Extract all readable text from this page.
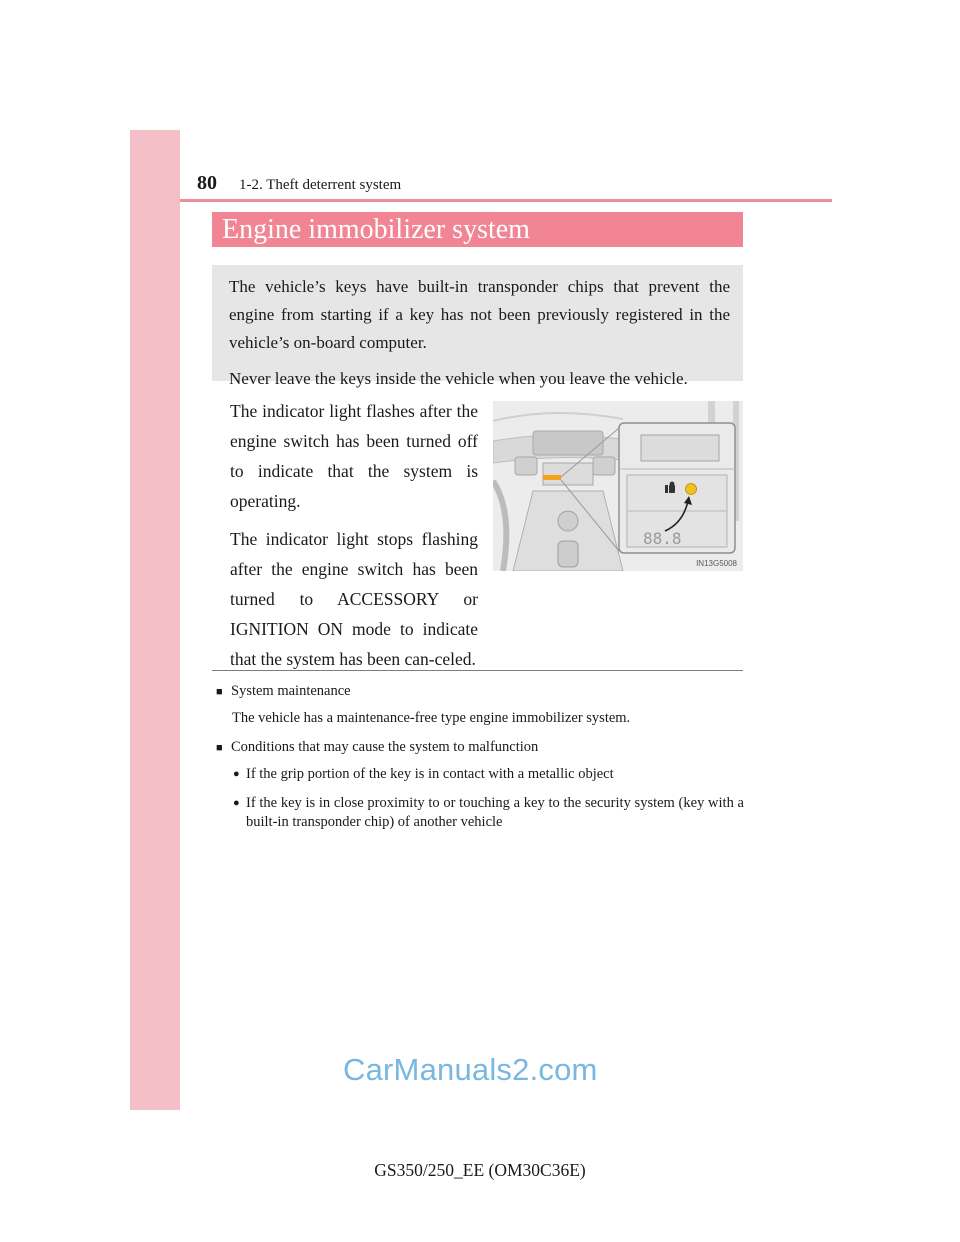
80	1-2. Theft deterrent system
Engine immobilizer system

The vehicle’s keys have built-in transponder chips that prevent the engine from starting if a key has not been previously registered in the vehicle’s on-board computer.

Never leave the keys inside the vehicle when you leave the vehicle.

The indicator light flashes after the engine switch has been turned off to indicate that the system is operating.

The indicator light stops flashing after the engine switch has been turned to ACCESSORY or IGNITION ON mode to indicate that the system has been can-celed.

88.8
IN13G5008
■ System maintenance
The vehicle has a maintenance-free type engine immobilizer system.
■ Conditions that may cause the system to malfunction
● If the grip portion of the key is in contact with a metallic object
● If the key is in close proximity to or touching a key to the security system (key with a built-in transponder chip) of another vehicle
CarManuals2.com
GS350/250_EE (OM30C36E)
